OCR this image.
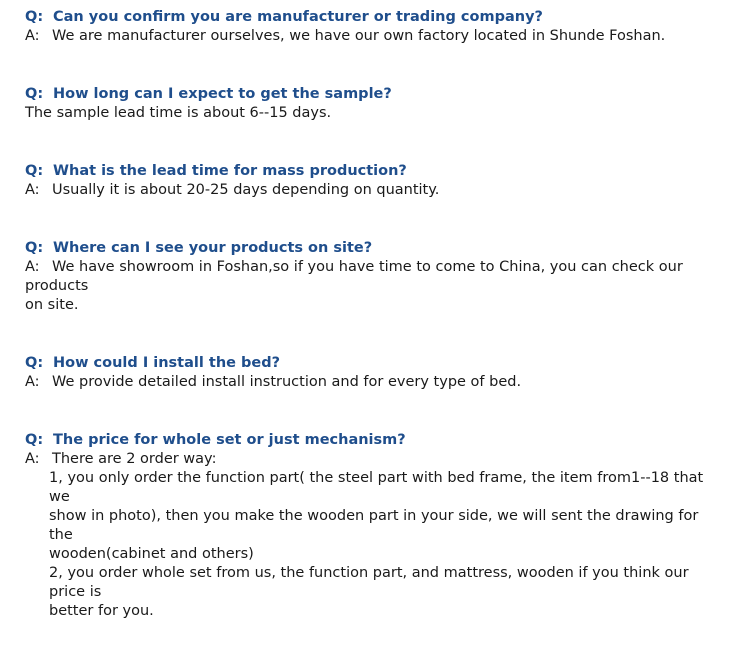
Q: Can you confirm you are manufacturer or trading company?
A: We are manufacturer ourselves, we have our own factory located in Shunde Foshan.
Q: How long can I expect to get the sample?
The sample lead time is about 6--15 days.
Q: What is the lead time for mass production?
A: Usually it is about 20-25 days depending on quantity.
Q: Where can I see your products on site?
A: We have showroom in Foshan,so if you have time to come to China, you can check our products
on site.
Q: How could I install the bed?
A: We provide detailed install instruction and for every type of bed.
Q: The price for whole set or just mechanism?
A: There are 2 order way:
1, you only order the function part( the steel part with bed frame, the item from1--18 that we
show in photo), then you make the wooden part in your side, we will sent the drawing for the
wooden(cabinet and others)
2, you order whole set from us, the function part, and mattress, wooden if you think our price is
better for you.
